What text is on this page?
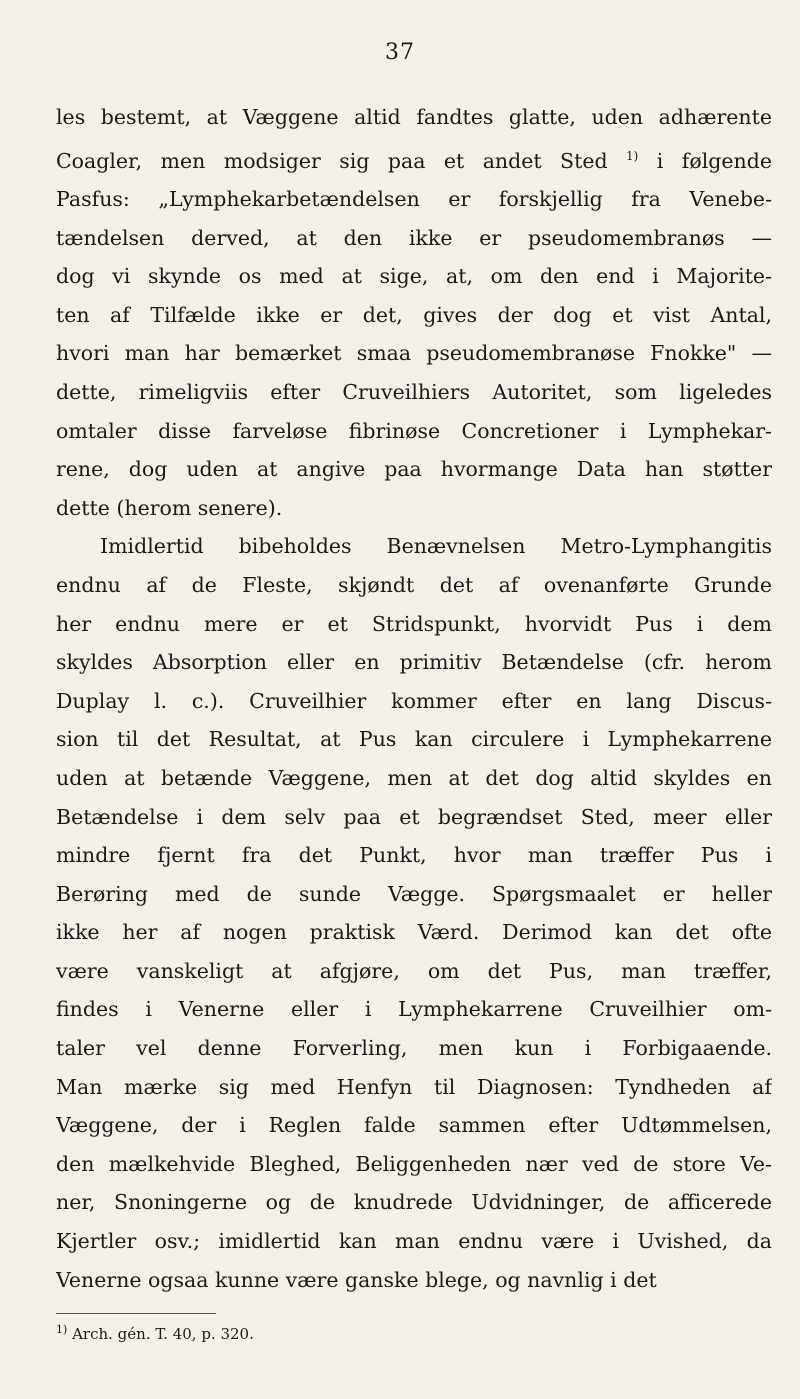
37
les bestemt, at Væggene altid fandtes glatte, uden adhærente
Coagler, men modsiger sig paa et andet Sted $^{1)}$ i følgende
Pasfus: „Lymphekarbetændelsen er forskjellig fra Venebe-
tændelsen derved, at den ikke er pseudomembranøs —
dog vi skynde os med at sige, at, om den end i Majorite-
ten af Tilfælde ikke er det, gives der dog et vist Antal,
hvori man har bemærket smaa pseudomembranøse Fnokke" —
dette, rimeligviis efter Cruveilhiers Autoritet, som ligeledes
omtaler disse farveløse fibrinøse Concretioner i Lymphekar-
rene, dog uden at angive paa hvormange Data han støtter
dette (herom senere).
Imidlertid bibeholdes Benævnelsen Metro-Lymphangitis
endnu af de Fleste, skjøndt det af ovenanførte Grunde
her endnu mere er et Stridspunkt, hvorvidt Pus i dem
skyldes Absorption eller en primitiv Betændelse (cfr. herom
Duplay l. c.). Cruveilhier kommer efter en lang Discus-
sion til det Resultat, at Pus kan circulere i Lymphekarrene
uden at betænde Væggene, men at det dog altid skyldes en
Betændelse i dem selv paa et begrændset Sted, meer eller
mindre fjernt fra det Punkt, hvor man træffer Pus i
Berøring med de sunde Vægge. Spørgsmaalet er heller
ikke her af nogen praktisk Værd. Derimod kan det ofte
være vanskeligt at afgjøre, om det Pus, man træffer,
findes i Venerne eller i Lymphekarrene Cruveilhier om-
taler vel denne Forverling, men kun i Forbigaaende.
Man mærke sig med Henfyn til Diagnosen: Tyndheden af
Væggene, der i Reglen falde sammen efter Udtømmelsen,
den mælkehvide Bleghed, Beliggenheden nær ved de store Ve-
ner, Snoningerne og de knudrede Udvidninger, de afficerede
Kjertler osv.; imidlertid kan man endnu være i Uvished, da
Venerne ogsaa kunne være ganske blege, og navnlig i det
$^{1)}$ Arch. gén. T. 40, p. 320.
